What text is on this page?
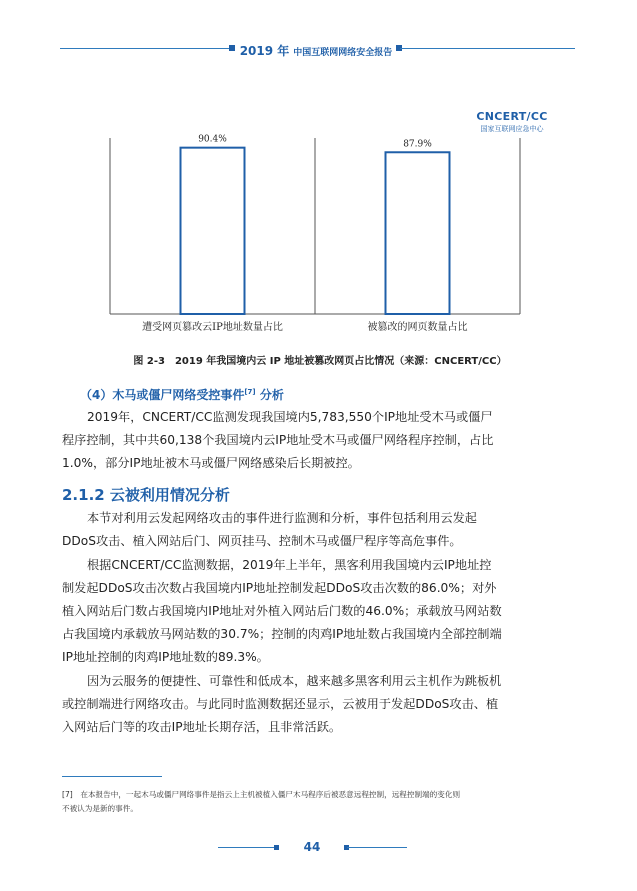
2019 年 中国互联网网络安全报告
CNCERT/CC
国家互联网应急中心
90.4%
遭受网页篡改云IP地址数量占比
87.9%
被篡改的网页数量占比
图 2-3　2019 年我国境内云 IP 地址被篡改网页占比情况（来源：CNCERT/CC）
（4）木马或僵尸网络受控事件[7] 分析
2019年，CNCERT/CC监测发现我国境内5,783,550个IP地址受木马或僵尸
程序控制，其中共60,138个我国境内云IP地址受木马或僵尸网络程序控制，占比
1.0%，部分IP地址被木马或僵尸网络感染后长期被控。
2.1.2 云被利用情况分析
本节对利用云发起网络攻击的事件进行监测和分析，事件包括利用云发起
DDoS攻击、植入网站后门、网页挂马、控制木马或僵尸程序等高危事件。
根据CNCERT/CC监测数据，2019年上半年，黑客利用我国境内云IP地址控
制发起DDoS攻击次数占我国境内IP地址控制发起DDoS攻击次数的86.0%；对外
植入网站后门数占我国境内IP地址对外植入网站后门数的46.0%；承载放马网站数
占我国境内承载放马网站数的30.7%；控制的肉鸡IP地址数占我国境内全部控制端
IP地址控制的肉鸡IP地址数的89.3%。
因为云服务的便捷性、可靠性和低成本，越来越多黑客利用云主机作为跳板机
或控制端进行网络攻击。与此同时监测数据还显示，云被用于发起DDoS攻击、植
入网站后门等的攻击IP地址长期存活，且非常活跃。
[7]　在本报告中，一起木马或僵尸网络事件是指云上主机被植入僵尸木马程序后被恶意远程控制，远程控制端的变化则
不被认为是新的事件。
44
